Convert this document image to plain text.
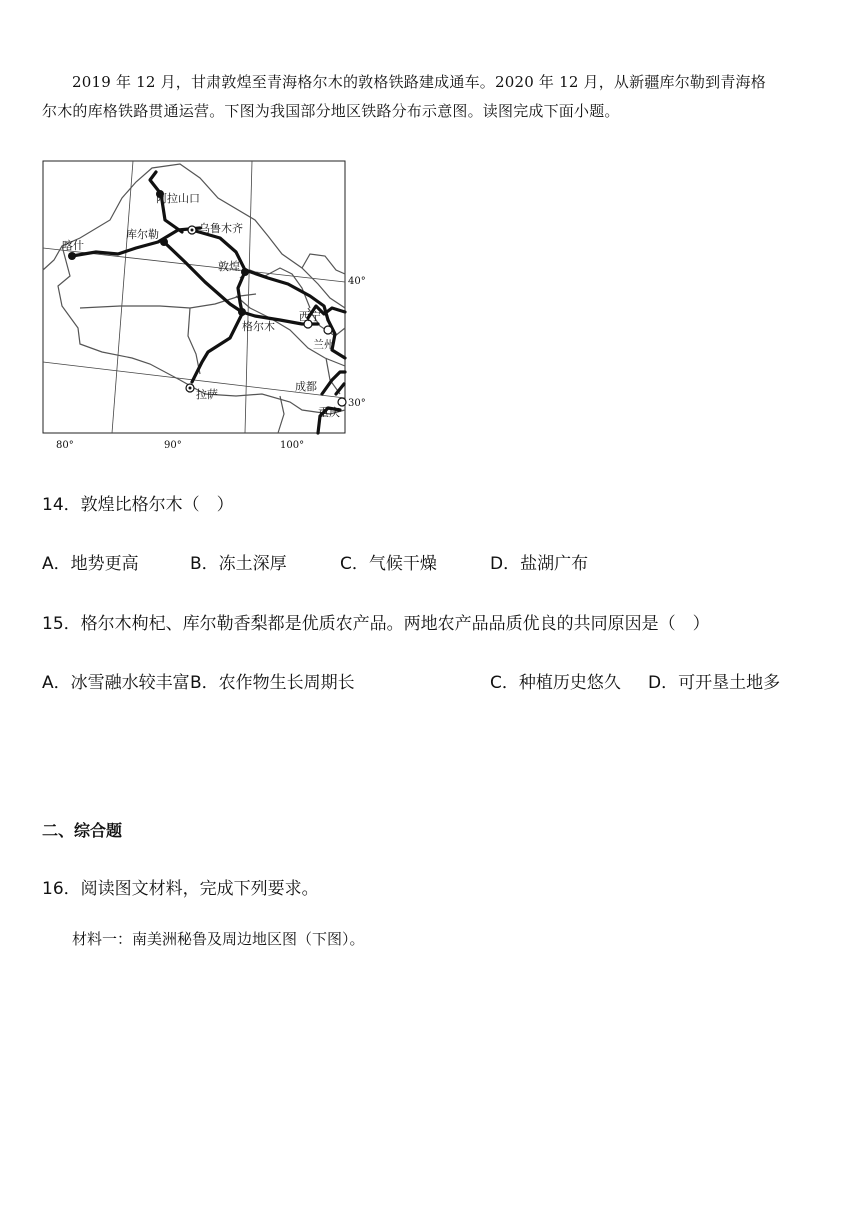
2019 年 12 月，甘肃敦煌至青海格尔木的敦格铁路建成通车。2020 年 12 月，从新疆库尔勒到青海格
尔木的库格铁路贯通运营。下图为我国部分地区铁路分布示意图。读图完成下面小题。
阿拉山口
乌鲁木齐
喀什
库尔勒
敦煌
格尔木
西宁
兰州
拉萨
成都
重庆
40°
30°
80°	90°	100°
14．敦煌比格尔木（　）
A．地势更高	B．冻土深厚	C．气候干燥	D．盐湖广布
15．格尔木枸杞、库尔勒香梨都是优质农产品。两地农产品品质优良的共同原因是（　）
A．冰雪融水较丰富 B．农作物生长周期长	C．种植历史悠久 D．可开垦土地多
二、综合题
16．阅读图文材料，完成下列要求。
材料一：南美洲秘鲁及周边地区图（下图）。
